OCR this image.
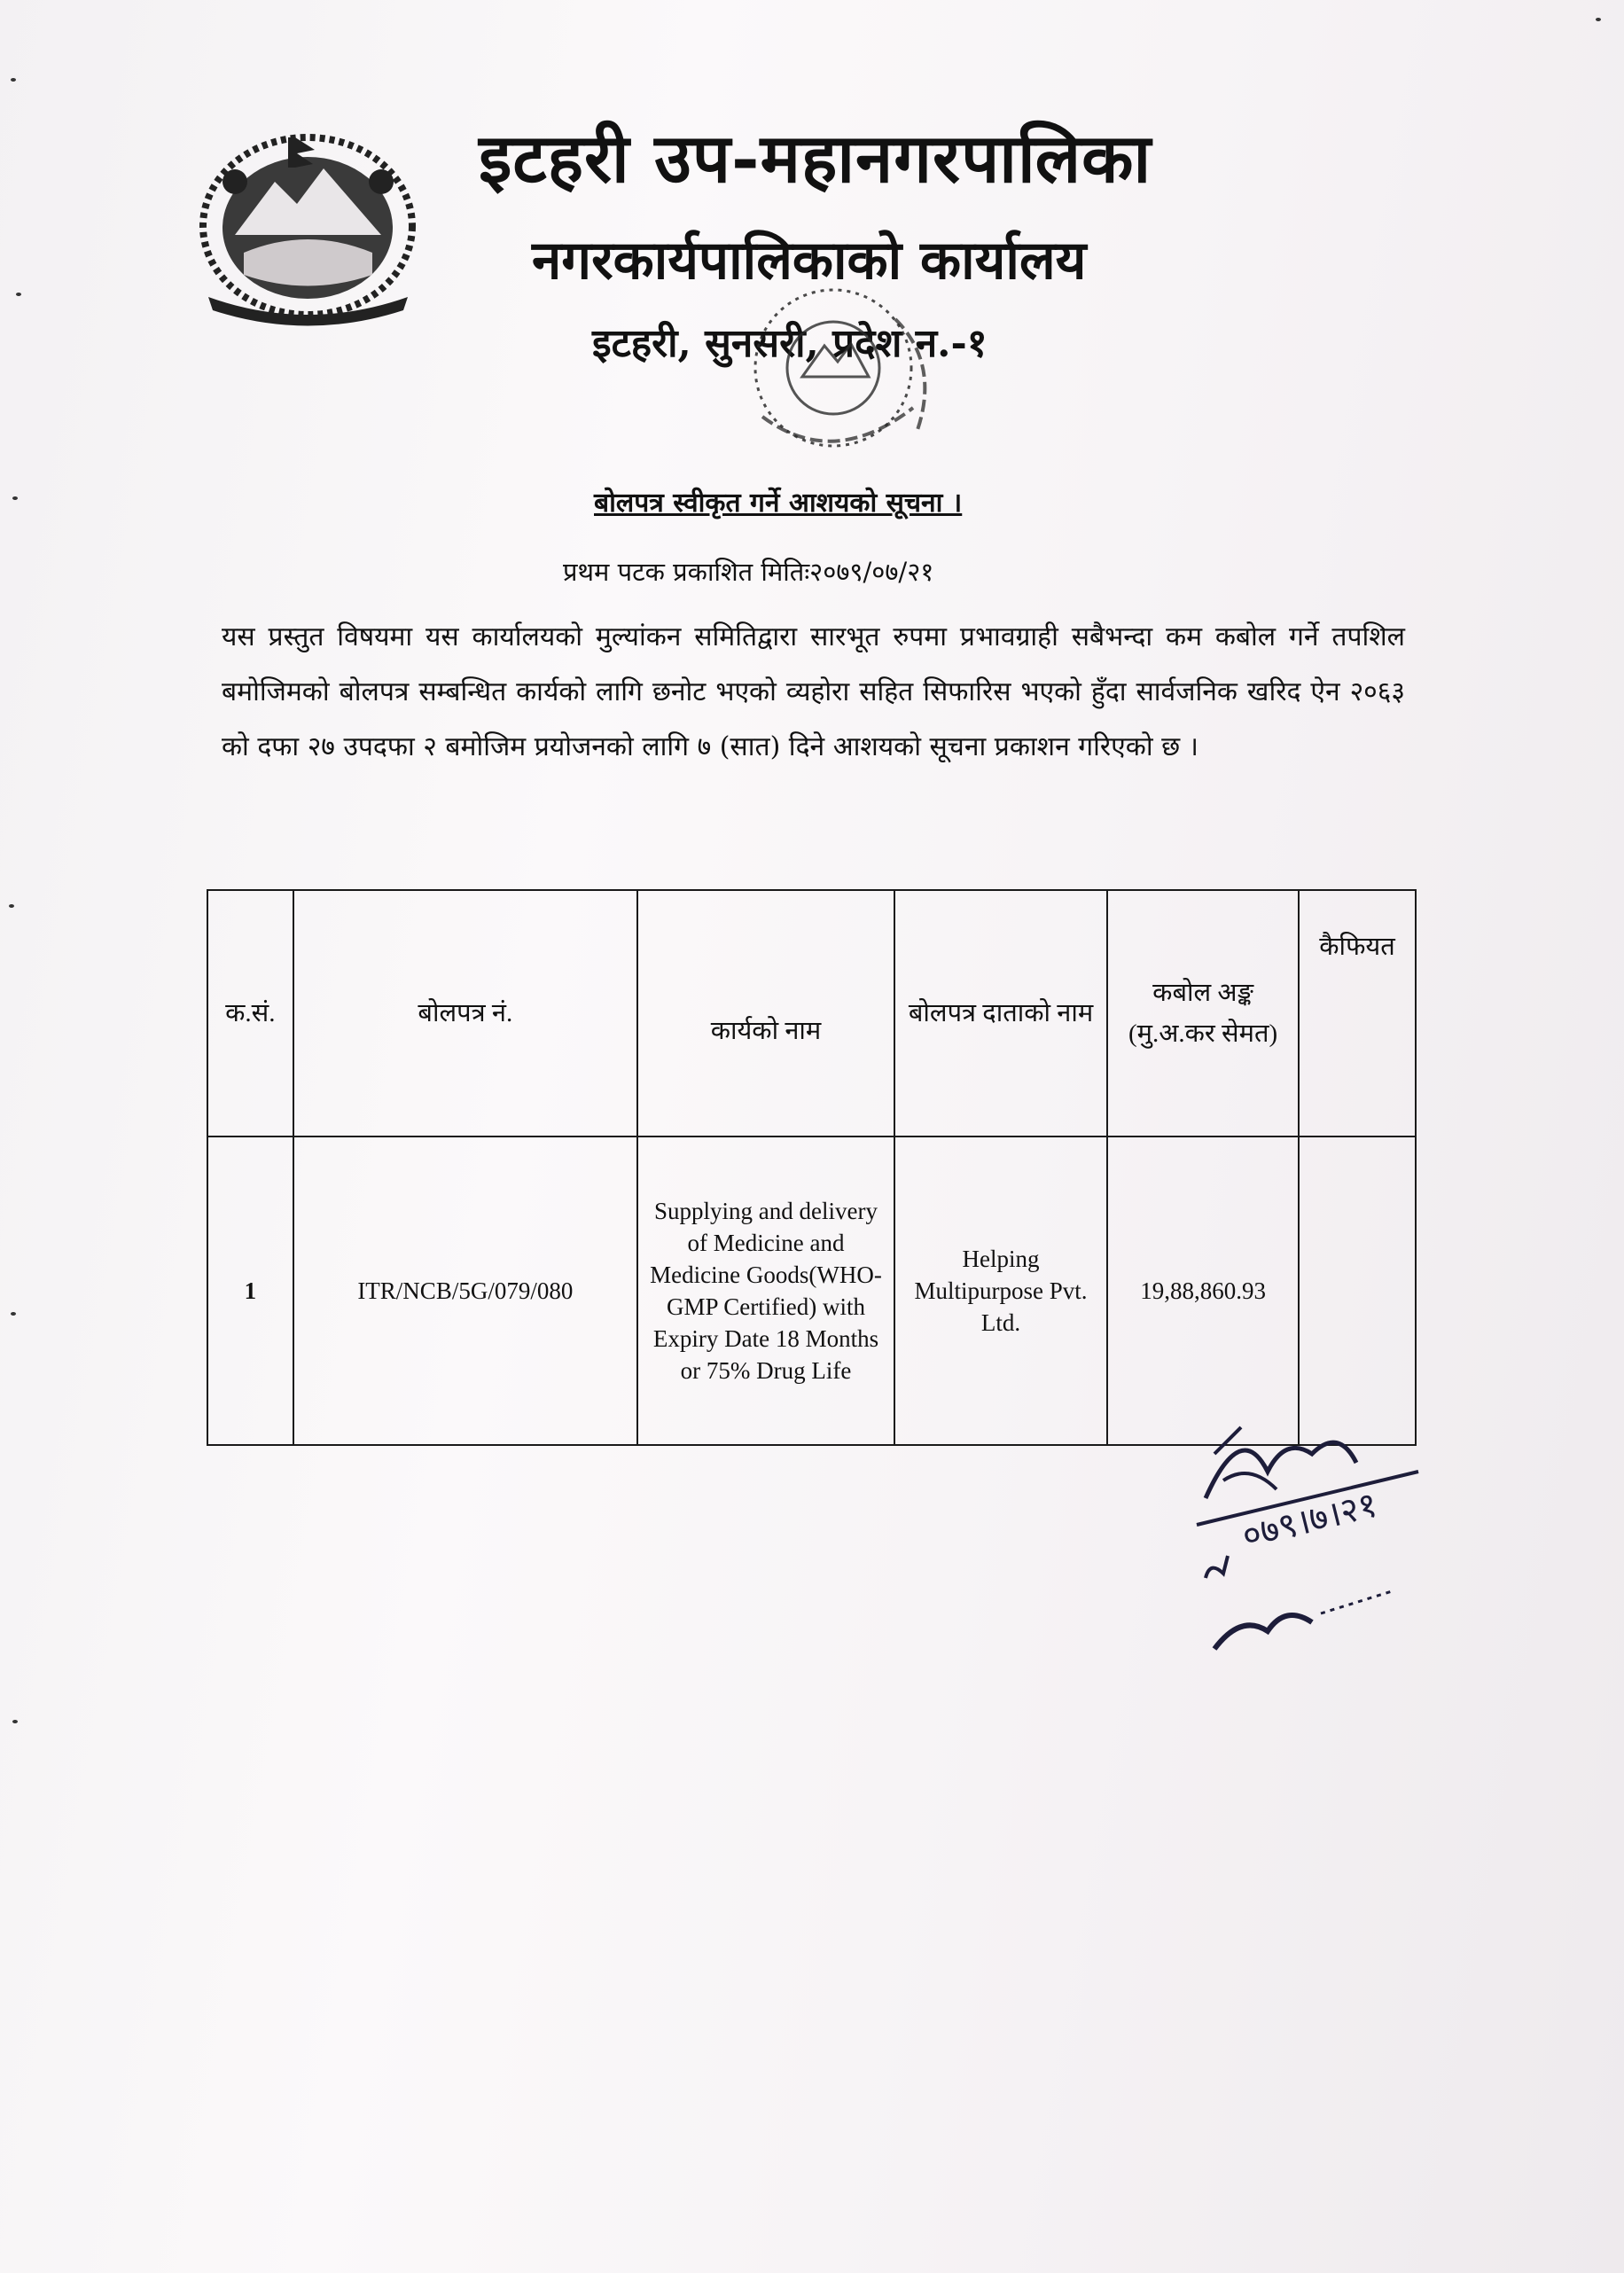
इटहरी उप-महानगरपालिका
नगरकार्यपालिकाको कार्यालय
इटहरी, सुनसरी, प्रदेश न.-१
बोलपत्र स्वीकृत गर्ने आशयको सूचना ।
प्रथम पटक प्रकाशित मितिः२०७९/०७/२१
यस प्रस्तुत विषयमा यस कार्यालयको मुल्यांकन समितिद्वारा सारभूत रुपमा प्रभावग्राही सबैभन्दा कम कबोल गर्ने तपशिल बमोजिमको बोलपत्र सम्बन्धित कार्यको लागि छनोट भएको व्यहोरा सहित सिफारिस भएको हुँदा सार्वजनिक खरिद ऐन २०६३ को दफा २७ उपदफा २ बमोजिम प्रयोजनको लागि ७ (सात) दिने आशयको सूचना प्रकाशन गरिएको छ ।
क.सं.	बोलपत्र नं.	कार्यको नाम	बोलपत्र दाताको नाम	कबोल अङ्क (मु.अ.कर सेमत)	कैफियत
1	ITR/NCB/5G/079/080	Supplying and delivery of Medicine and Medicine Goods(WHO-GMP Certified) with Expiry Date 18 Months or 75% Drug Life	Helping Multipurpose Pvt. Ltd.	19,88,860.93	
०७९।७।२१
